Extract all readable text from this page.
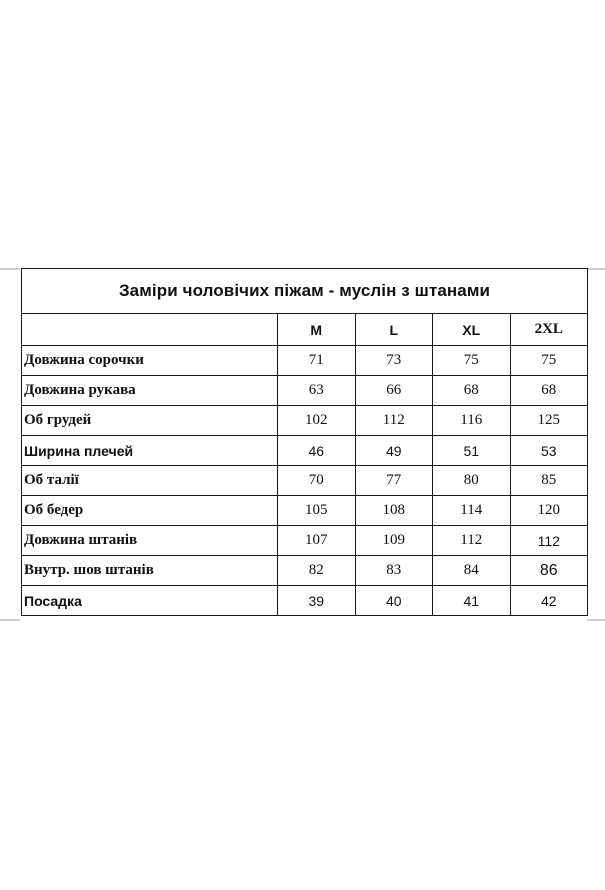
Заміри чоловічих піжам - муслін з штанами				
	M	L	XL	2XL
Довжина сорочки	71	73	75	75
Довжина рукава	63	66	68	68
Об грудей	102	112	116	125
Ширина плечей	46	49	51	53
Об талії	70	77	80	85
Об бедер	105	108	114	120
Довжина штанів	107	109	112	112
Внутр. шов штанів	82	83	84	86
Посадка	39	40	41	42
